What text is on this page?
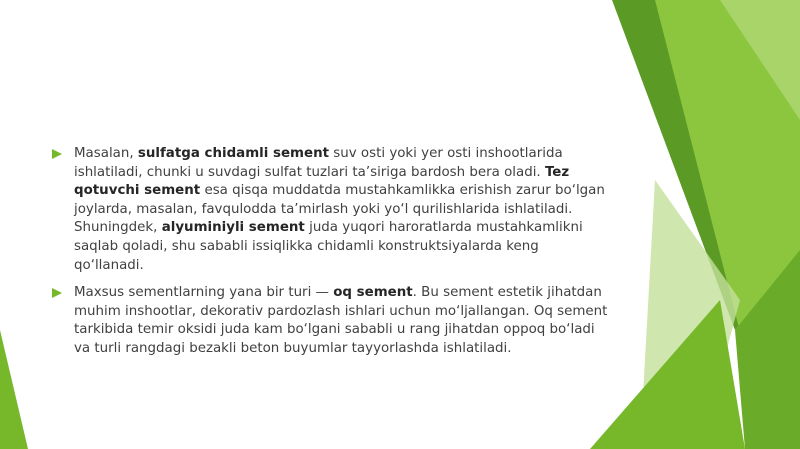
Masalan, sulfatga chidamli sement suv osti yoki yer osti inshootlarida ishlatiladi, chunki u suvdagi sulfat tuzlari ta’siriga bardosh bera oladi. Tez qotuvchi sement esa qisqa muddatda mustahkamlikka erishish zarur bo‘lgan joylarda, masalan, favqulodda ta’mirlash yoki yo‘l qurilishlarida ishlatiladi. Shuningdek, alyuminiyli sement juda yuqori haroratlarda mustahkamlikni saqlab qoladi, shu sababli issiqlikka chidamli konstruktsiyalarda keng qo‘llanadi.

Maxsus sementlarning yana bir turi — oq sement. Bu sement estetik jihatdan muhim inshootlar, dekorativ pardozlash ishlari uchun mo‘ljallangan. Oq sement tarkibida temir oksidi juda kam bo‘lgani sababli u rang jihatdan oppoq bo‘ladi va turli rangdagi bezakli beton buyumlar tayyorlashda ishlatiladi.
